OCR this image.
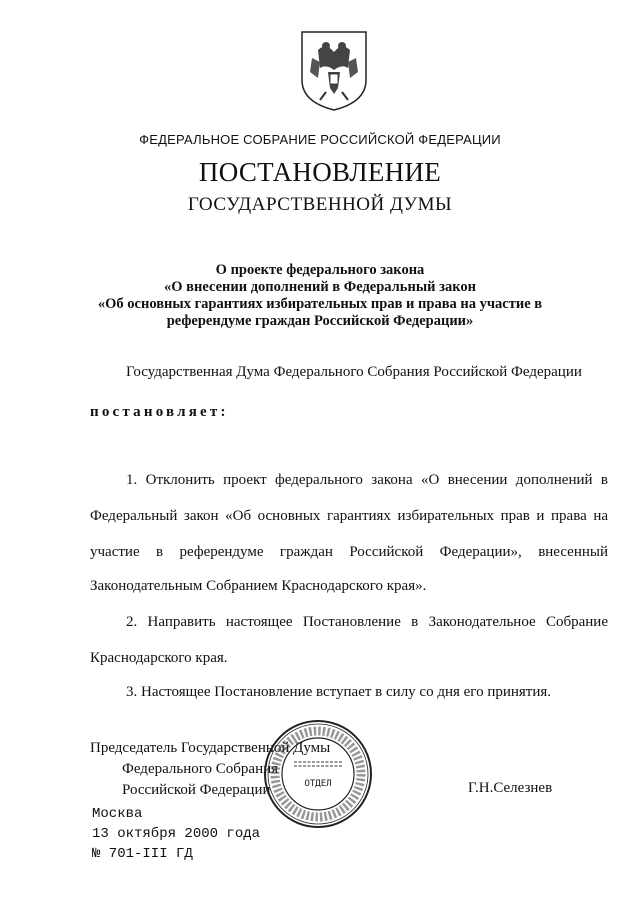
ФЕДЕРАЛЬНОЕ СОБРАНИЕ РОССИЙСКОЙ ФЕДЕРАЦИИ
ПОСТАНОВЛЕНИЕ
ГОСУДАРСТВЕННОЙ ДУМЫ
О проекте федерального закона
«О внесении дополнений в Федеральный закон
«Об основных гарантиях избирательных прав и права на участие в
референдуме граждан Российской Федерации»
Государственная Дума Федерального Собрания Российской Федерации
постановляет:
1. Отклонить проект федерального закона «О внесении дополнений в
Федеральный закон «Об основных гарантиях избирательных прав и права на
участие в референдуме граждан Российской Федерации», внесенный
Законодательным Собранием Краснодарского края».
2. Направить настоящее Постановление в Законодательное Собрание
Краснодарского края.
3. Настоящее Постановление вступает в силу со дня его принятия.
Председатель Государственной Думы
Федерального Собрания
Российской Федерации	Г.Н.Селезнев
ОТДЕЛ
Москва
13 октября 2000 года
№ 701-III ГД
